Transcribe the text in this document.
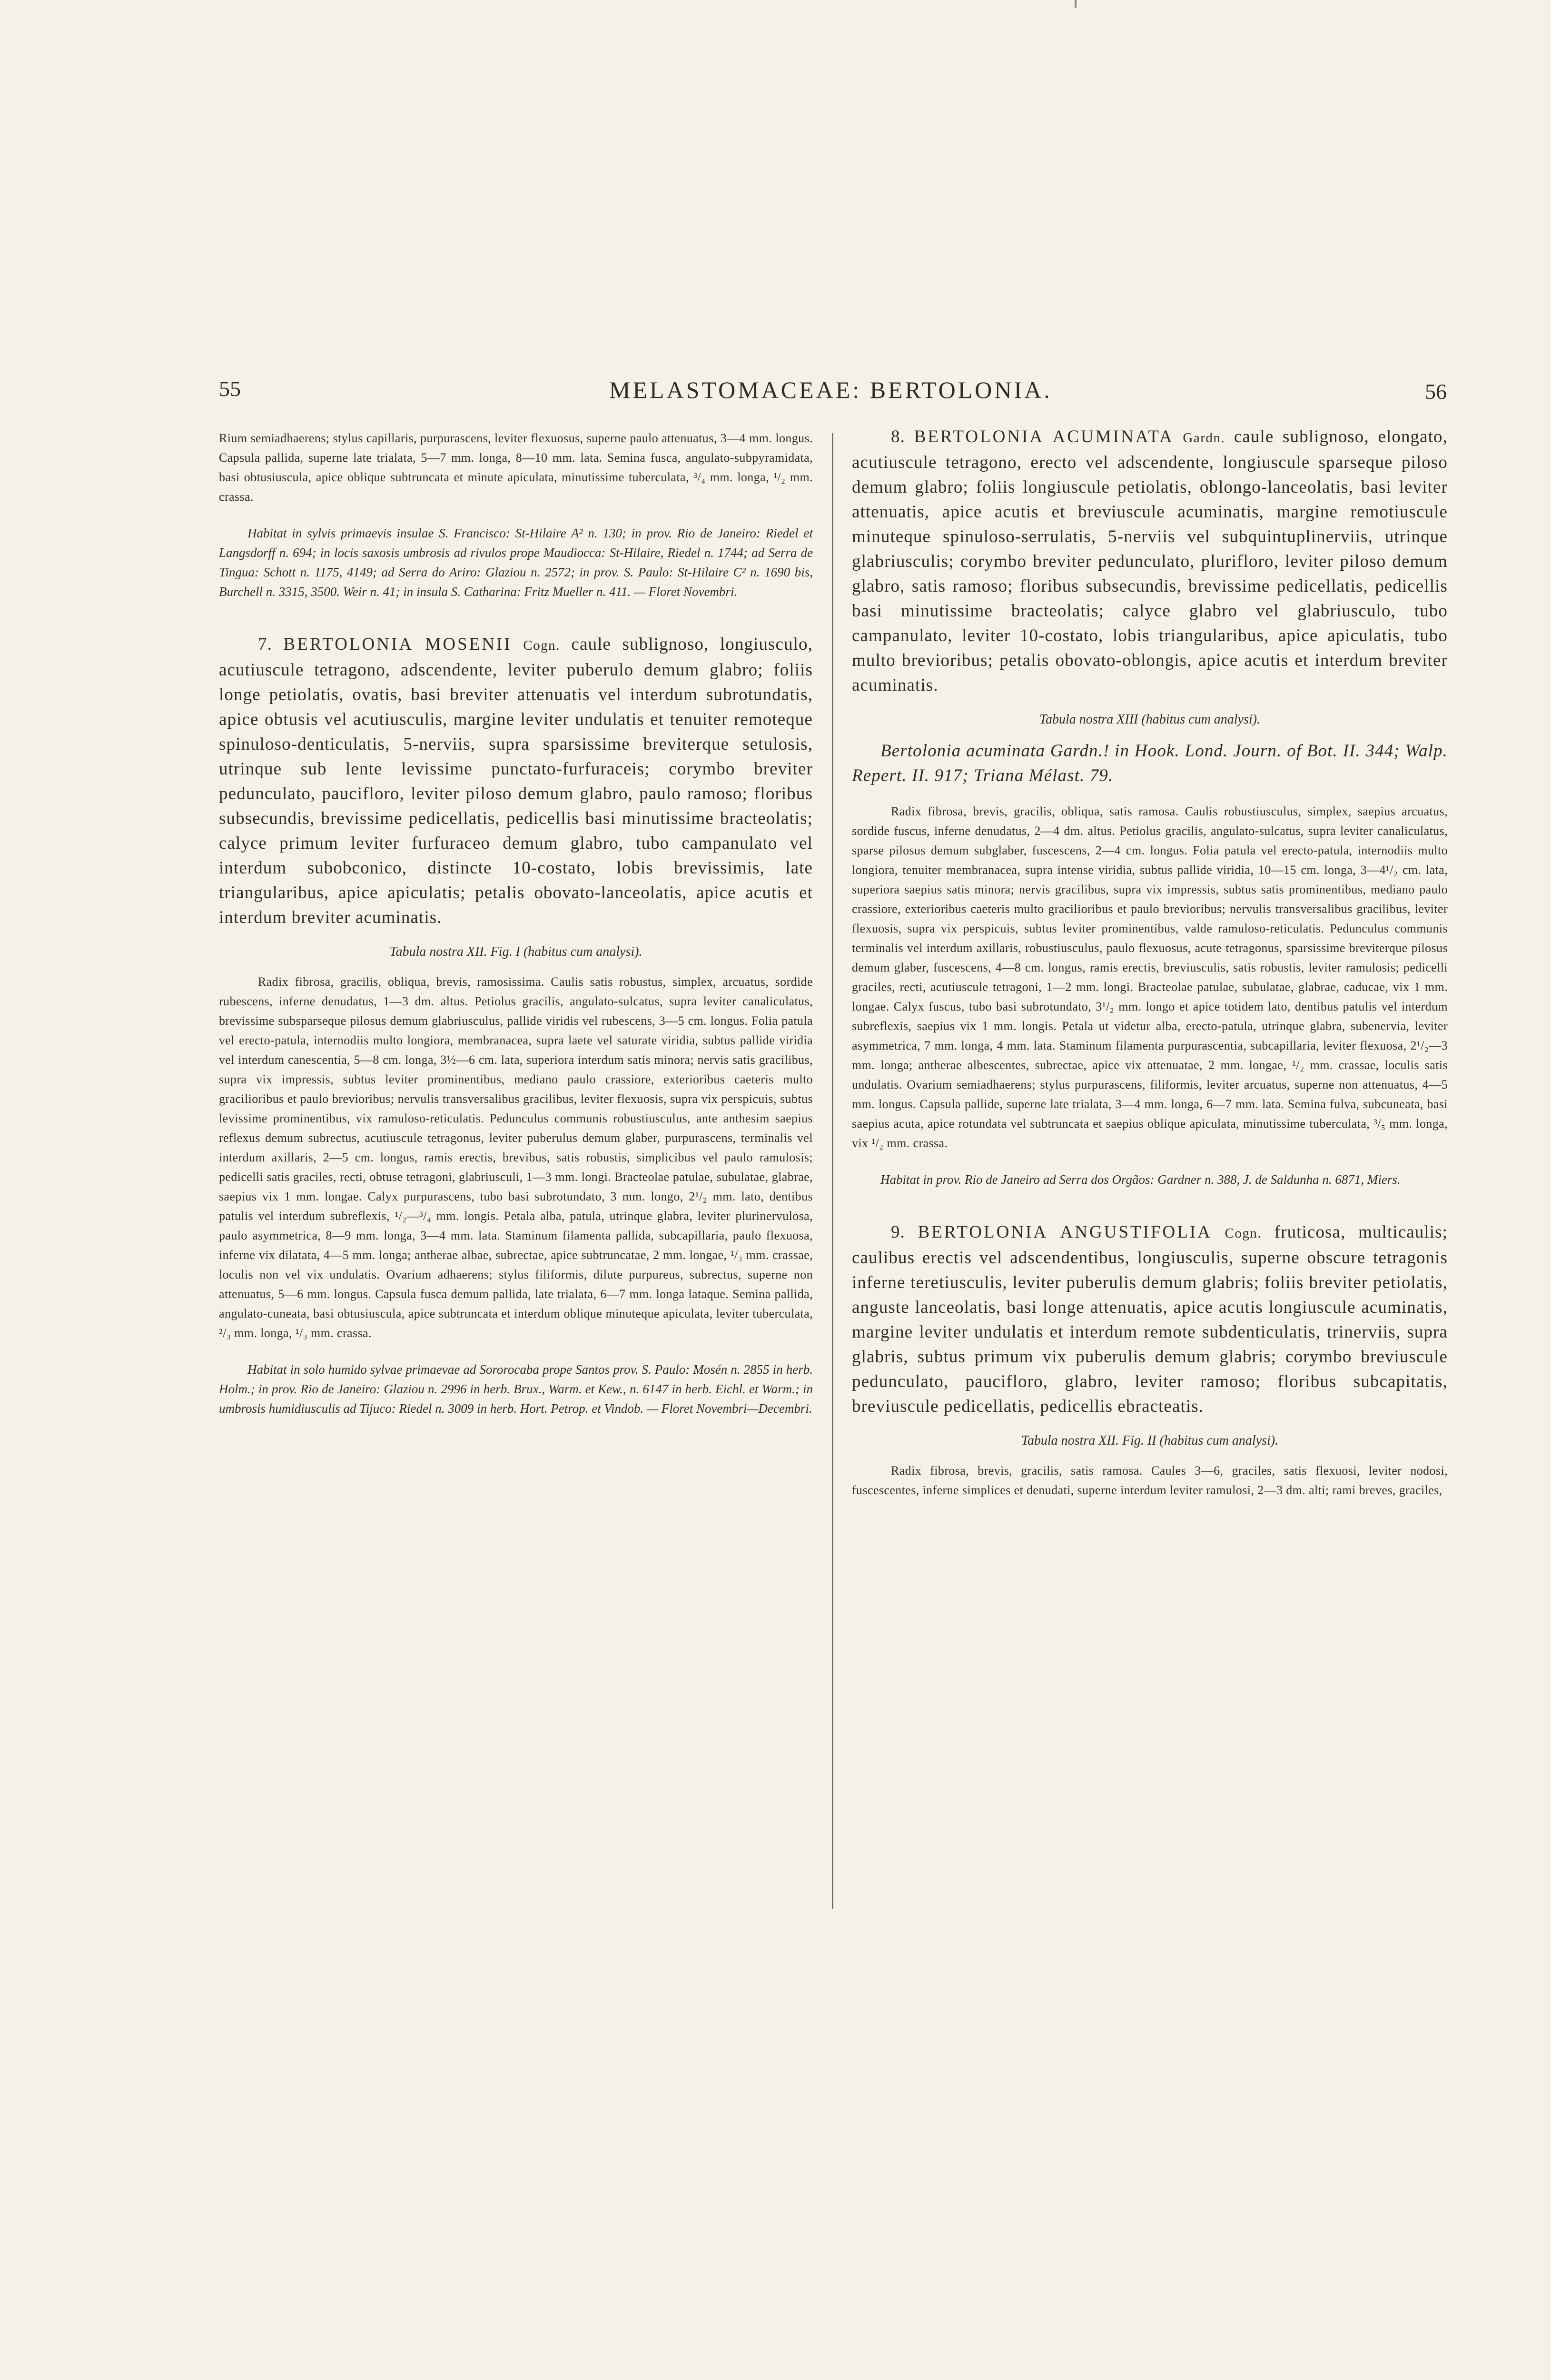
55	MELASTOMACEAE: BERTOLONIA.	56

Rium semiadhaerens; stylus capillaris, purpurascens, leviter flexuosus, superne paulo attenuatus, 3—4 mm. longus. Capsula pallida, superne late trialata, 5—7 mm. longa, 8—10 mm. lata. Semina fusca, angulato-subpyramidata, basi obtusiuscula, apice oblique subtruncata et minute apiculata, minutissime tuberculata, ³/₄ mm. longa, ¹/₂ mm. crassa.

Habitat in sylvis primaevis insulae S. Francisco: St-Hilaire A² n. 130; in prov. Rio de Janeiro: Riedel et Langsdorff n. 694; in locis saxosis umbrosis ad rivulos prope Maudiocca: St-Hilaire, Riedel n. 1744; ad Serra de Tingua: Schott n. 1175, 4149; ad Serra do Ariro: Glaziou n. 2572; in prov. S. Paulo: St-Hilaire C² n. 1690 bis, Burchell n. 3315, 3500. Weir n. 41; in insula S. Catharina: Fritz Mueller n. 411. — Floret Novembri.

7. BERTOLONIA MOSENII Cogn. caule sublignoso, longiusculo, acutiuscule tetragono, adscendente, leviter puberulo demum glabro; foliis longe petiolatis, ovatis, basi breviter attenuatis vel interdum subrotundatis, apice obtusis vel acutiusculis, margine leviter undulatis et tenuiter remoteque spinuloso-denticulatis, 5-nerviis, supra sparsissime breviterque setulosis, utrinque sub lente levissime punctato-furfuraceis; corymbo breviter pedunculato, paucifloro, leviter piloso demum glabro, paulo ramoso; floribus subsecundis, brevissime pedicellatis, pedicellis basi minutissime bracteolatis; calyce primum leviter furfuraceo demum glabro, tubo campanulato vel interdum subobconico, distincte 10-costato, lobis brevissimis, late triangularibus, apice apiculatis; petalis obovato-lanceolatis, apice acutis et interdum breviter acuminatis.

Tabula nostra XII. Fig. I (habitus cum analysi).

Radix fibrosa, gracilis, obliqua, brevis, ramosissima. Caulis satis robustus, simplex, arcuatus, sordide rubescens, inferne denudatus, 1—3 dm. altus. Petiolus gracilis, angulato-sulcatus, supra leviter canaliculatus, brevissime subsparseque pilosus demum glabriusculus, pallide viridis vel rubescens, 3—5 cm. longus. Folia patula vel erecto-patula, internodiis multo longiora, membranacea, supra laete vel saturate viridia, subtus pallide viridia vel interdum canescentia, 5—8 cm. longa, 3½—6 cm. lata, superiora interdum satis minora; nervis satis gracilibus, supra vix impressis, subtus leviter prominentibus, mediano paulo crassiore, exterioribus caeteris multo gracilioribus et paulo brevioribus; nervulis transversalibus gracilibus, leviter flexuosis, supra vix perspicuis, subtus levissime prominentibus, vix ramuloso-reticulatis. Pedunculus communis robustiusculus, ante anthesim saepius reflexus demum subrectus, acutiuscule tetragonus, leviter puberulus demum glaber, purpurascens, terminalis vel interdum axillaris, 2—5 cm. longus, ramis erectis, brevibus, satis robustis, simplicibus vel paulo ramulosis; pedicelli satis graciles, recti, obtuse tetragoni, glabriusculi, 1—3 mm. longi. Bracteolae patulae, subulatae, glabrae, saepius vix 1 mm. longae. Calyx purpurascens, tubo basi subrotundato, 3 mm. longo, 2¹/₂ mm. lato, dentibus patulis vel interdum subreflexis, ¹/₂—³/₄ mm. longis. Petala alba, patula, utrinque glabra, leviter plurinervulosa, paulo asymmetrica, 8—9 mm. longa, 3—4 mm. lata. Staminum filamenta pallida, subcapillaria, paulo flexuosa, inferne vix dilatata, 4—5 mm. longa; antherae albae, subrectae, apice subtruncatae, 2 mm. longae, ¹/₃ mm. crassae, loculis non vel vix undulatis. Ovarium adhaerens; stylus filiformis, dilute purpureus, subrectus, superne non attenuatus, 5—6 mm. longus. Capsula fusca demum pallida, late trialata, 6—7 mm. longa lataque. Semina pallida, angulato-cuneata, basi obtusiuscula, apice subtruncata et interdum oblique minuteque apiculata, leviter tuberculata, ²/₃ mm. longa, ¹/₃ mm. crassa.

Habitat in solo humido sylvae primaevae ad Sororocaba prope Santos prov. S. Paulo: Mosén n. 2855 in herb. Holm.; in prov. Rio de Janeiro: Glaziou n. 2996 in herb. Brux., Warm. et Kew., n. 6147 in herb. Eichl. et Warm.; in umbrosis humidiusculis ad Tijuco: Riedel n. 3009 in herb. Hort. Petrop. et Vindob. — Floret Novembri—Decembri.

8. BERTOLONIA ACUMINATA Gardn. caule sublignoso, elongato, acutiuscule tetragono, erecto vel adscendente, longiuscule sparseque piloso demum glabro; foliis longiuscule petiolatis, oblongo-lanceolatis, basi leviter attenuatis, apice acutis et breviuscule acuminatis, margine remotiuscule minuteque spinuloso-serrulatis, 5-nerviis vel subquintuplinerviis, utrinque glabriusculis; corymbo breviter pedunculato, plurifloro, leviter piloso demum glabro, satis ramoso; floribus subsecundis, brevissime pedicellatis, pedicellis basi minutissime bracteolatis; calyce glabro vel glabriusculo, tubo campanulato, leviter 10-costato, lobis triangularibus, apice apiculatis, tubo multo brevioribus; petalis obovato-oblongis, apice acutis et interdum breviter acuminatis.

Tabula nostra XIII (habitus cum analysi).

Bertolonia acuminata Gardn.! in Hook. Lond. Journ. of Bot. II. 344; Walp. Repert. II. 917; Triana Mélast. 79.

Radix fibrosa, brevis, gracilis, obliqua, satis ramosa. Caulis robustiusculus, simplex, saepius arcuatus, sordide fuscus, inferne denudatus, 2—4 dm. altus. Petiolus gracilis, angulato-sulcatus, supra leviter canaliculatus, sparse pilosus demum subglaber, fuscescens, 2—4 cm. longus. Folia patula vel erecto-patula, internodiis multo longiora, tenuiter membranacea, supra intense viridia, subtus pallide viridia, 10—15 cm. longa, 3—4¹/₂ cm. lata, superiora saepius satis minora; nervis gracilibus, supra vix impressis, subtus satis prominentibus, mediano paulo crassiore, exterioribus caeteris multo gracilioribus et paulo brevioribus; nervulis transversalibus gracilibus, leviter flexuosis, supra vix perspicuis, subtus leviter prominentibus, valde ramuloso-reticulatis. Pedunculus communis terminalis vel interdum axillaris, robustiusculus, paulo flexuosus, acute tetragonus, sparsissime breviterque pilosus demum glaber, fuscescens, 4—8 cm. longus, ramis erectis, breviusculis, satis robustis, leviter ramulosis; pedicelli graciles, recti, acutiuscule tetragoni, 1—2 mm. longi. Bracteolae patulae, subulatae, glabrae, caducae, vix 1 mm. longae. Calyx fuscus, tubo basi subrotundato, 3¹/₂ mm. longo et apice totidem lato, dentibus patulis vel interdum subreflexis, saepius vix 1 mm. longis. Petala ut videtur alba, erecto-patula, utrinque glabra, subenervia, leviter asymmetrica, 7 mm. longa, 4 mm. lata. Staminum filamenta purpurascentia, subcapillaria, leviter flexuosa, 2¹/₂—3 mm. longa; antherae albescentes, subrectae, apice vix attenuatae, 2 mm. longae, ¹/₂ mm. crassae, loculis satis undulatis. Ovarium semiadhaerens; stylus purpurascens, filiformis, leviter arcuatus, superne non attenuatus, 4—5 mm. longus. Capsula pallide, superne late trialata, 3—4 mm. longa, 6—7 mm. lata. Semina fulva, subcuneata, basi saepius acuta, apice rotundata vel subtruncata et saepius oblique apiculata, minutissime tuberculata, ³/₅ mm. longa, vix ¹/₂ mm. crassa.

Habitat in prov. Rio de Janeiro ad Serra dos Orgãos: Gardner n. 388, J. de Saldunha n. 6871, Miers.

9. BERTOLONIA ANGUSTIFOLIA Cogn. fruticosa, multicaulis; caulibus erectis vel adscendentibus, longiusculis, superne obscure tetragonis inferne teretiusculis, leviter puberulis demum glabris; foliis breviter petiolatis, anguste lanceolatis, basi longe attenuatis, apice acutis longiuscule acuminatis, margine leviter undulatis et interdum remote subdenticulatis, trinerviis, supra glabris, subtus primum vix puberulis demum glabris; corymbo breviuscule pedunculato, paucifloro, glabro, leviter ramoso; floribus subcapitatis, breviuscule pedicellatis, pedicellis ebracteatis.

Tabula nostra XII. Fig. II (habitus cum analysi).

Radix fibrosa, brevis, gracilis, satis ramosa. Caules 3—6, graciles, satis flexuosi, leviter nodosi, fuscescentes, inferne simplices et denudati, superne interdum leviter ramulosi, 2—3 dm. alti; rami breves, graciles,
